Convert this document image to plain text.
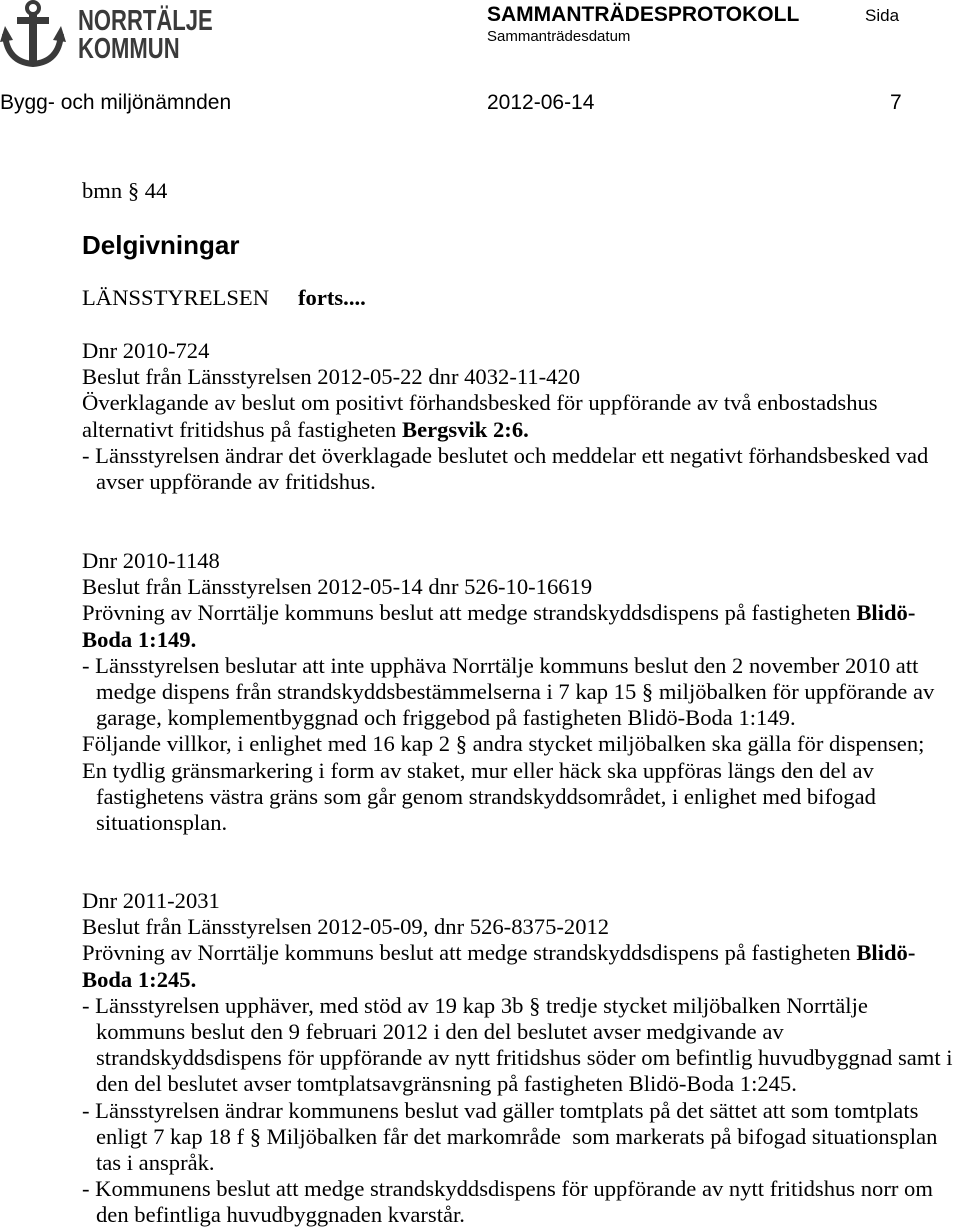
NORRTÄLJE
KOMMUN
SAMMANTRÄDESPROTOKOLL	Sida
Sammanträdesdatum
Bygg- och miljönämnden	2012-06-14	7
bmn § 44
Delgivningar
LÄNSSTYRELSEN forts....
Dnr 2010-724
Beslut från Länsstyrelsen 2012-05-22 dnr 4032-11-420
Överklagande av beslut om positivt förhandsbesked för uppförande av två enbostadshus
alternativt fritidshus på fastigheten Bergsvik 2:6.
- Länsstyrelsen ändrar det överklagade beslutet och meddelar ett negativt förhandsbesked vad
avser uppförande av fritidshus.
Dnr 2010-1148
Beslut från Länsstyrelsen 2012-05-14 dnr 526-10-16619
Prövning av Norrtälje kommuns beslut att medge strandskyddsdispens på fastigheten Blidö-
Boda 1:149.
- Länsstyrelsen beslutar att inte upphäva Norrtälje kommuns beslut den 2 november 2010 att
medge dispens från strandskyddsbestämmelserna i 7 kap 15 § miljöbalken för uppförande av
garage, komplementbyggnad och friggebod på fastigheten Blidö-Boda 1:149.
Följande villkor, i enlighet med 16 kap 2 § andra stycket miljöbalken ska gälla för dispensen;
En tydlig gränsmarkering i form av staket, mur eller häck ska uppföras längs den del av
fastighetens västra gräns som går genom strandskyddsområdet, i enlighet med bifogad
situationsplan.
Dnr 2011-2031
Beslut från Länsstyrelsen 2012-05-09, dnr 526-8375-2012
Prövning av Norrtälje kommuns beslut att medge strandskyddsdispens på fastigheten Blidö-
Boda 1:245.
- Länsstyrelsen upphäver, med stöd av 19 kap 3b § tredje stycket miljöbalken Norrtälje
kommuns beslut den 9 februari 2012 i den del beslutet avser medgivande av
strandskyddsdispens för uppförande av nytt fritidshus söder om befintlig huvudbyggnad samt i
den del beslutet avser tomtplatsavgränsning på fastigheten Blidö-Boda 1:245.
- Länsstyrelsen ändrar kommunens beslut vad gäller tomtplats på det sättet att som tomtplats
enligt 7 kap 18 f § Miljöbalken får det markområde  som markerats på bifogad situationsplan
tas i anspråk.
- Kommunens beslut att medge strandskyddsdispens för uppförande av nytt fritidshus norr om
den befintliga huvudbyggnaden kvarstår.
